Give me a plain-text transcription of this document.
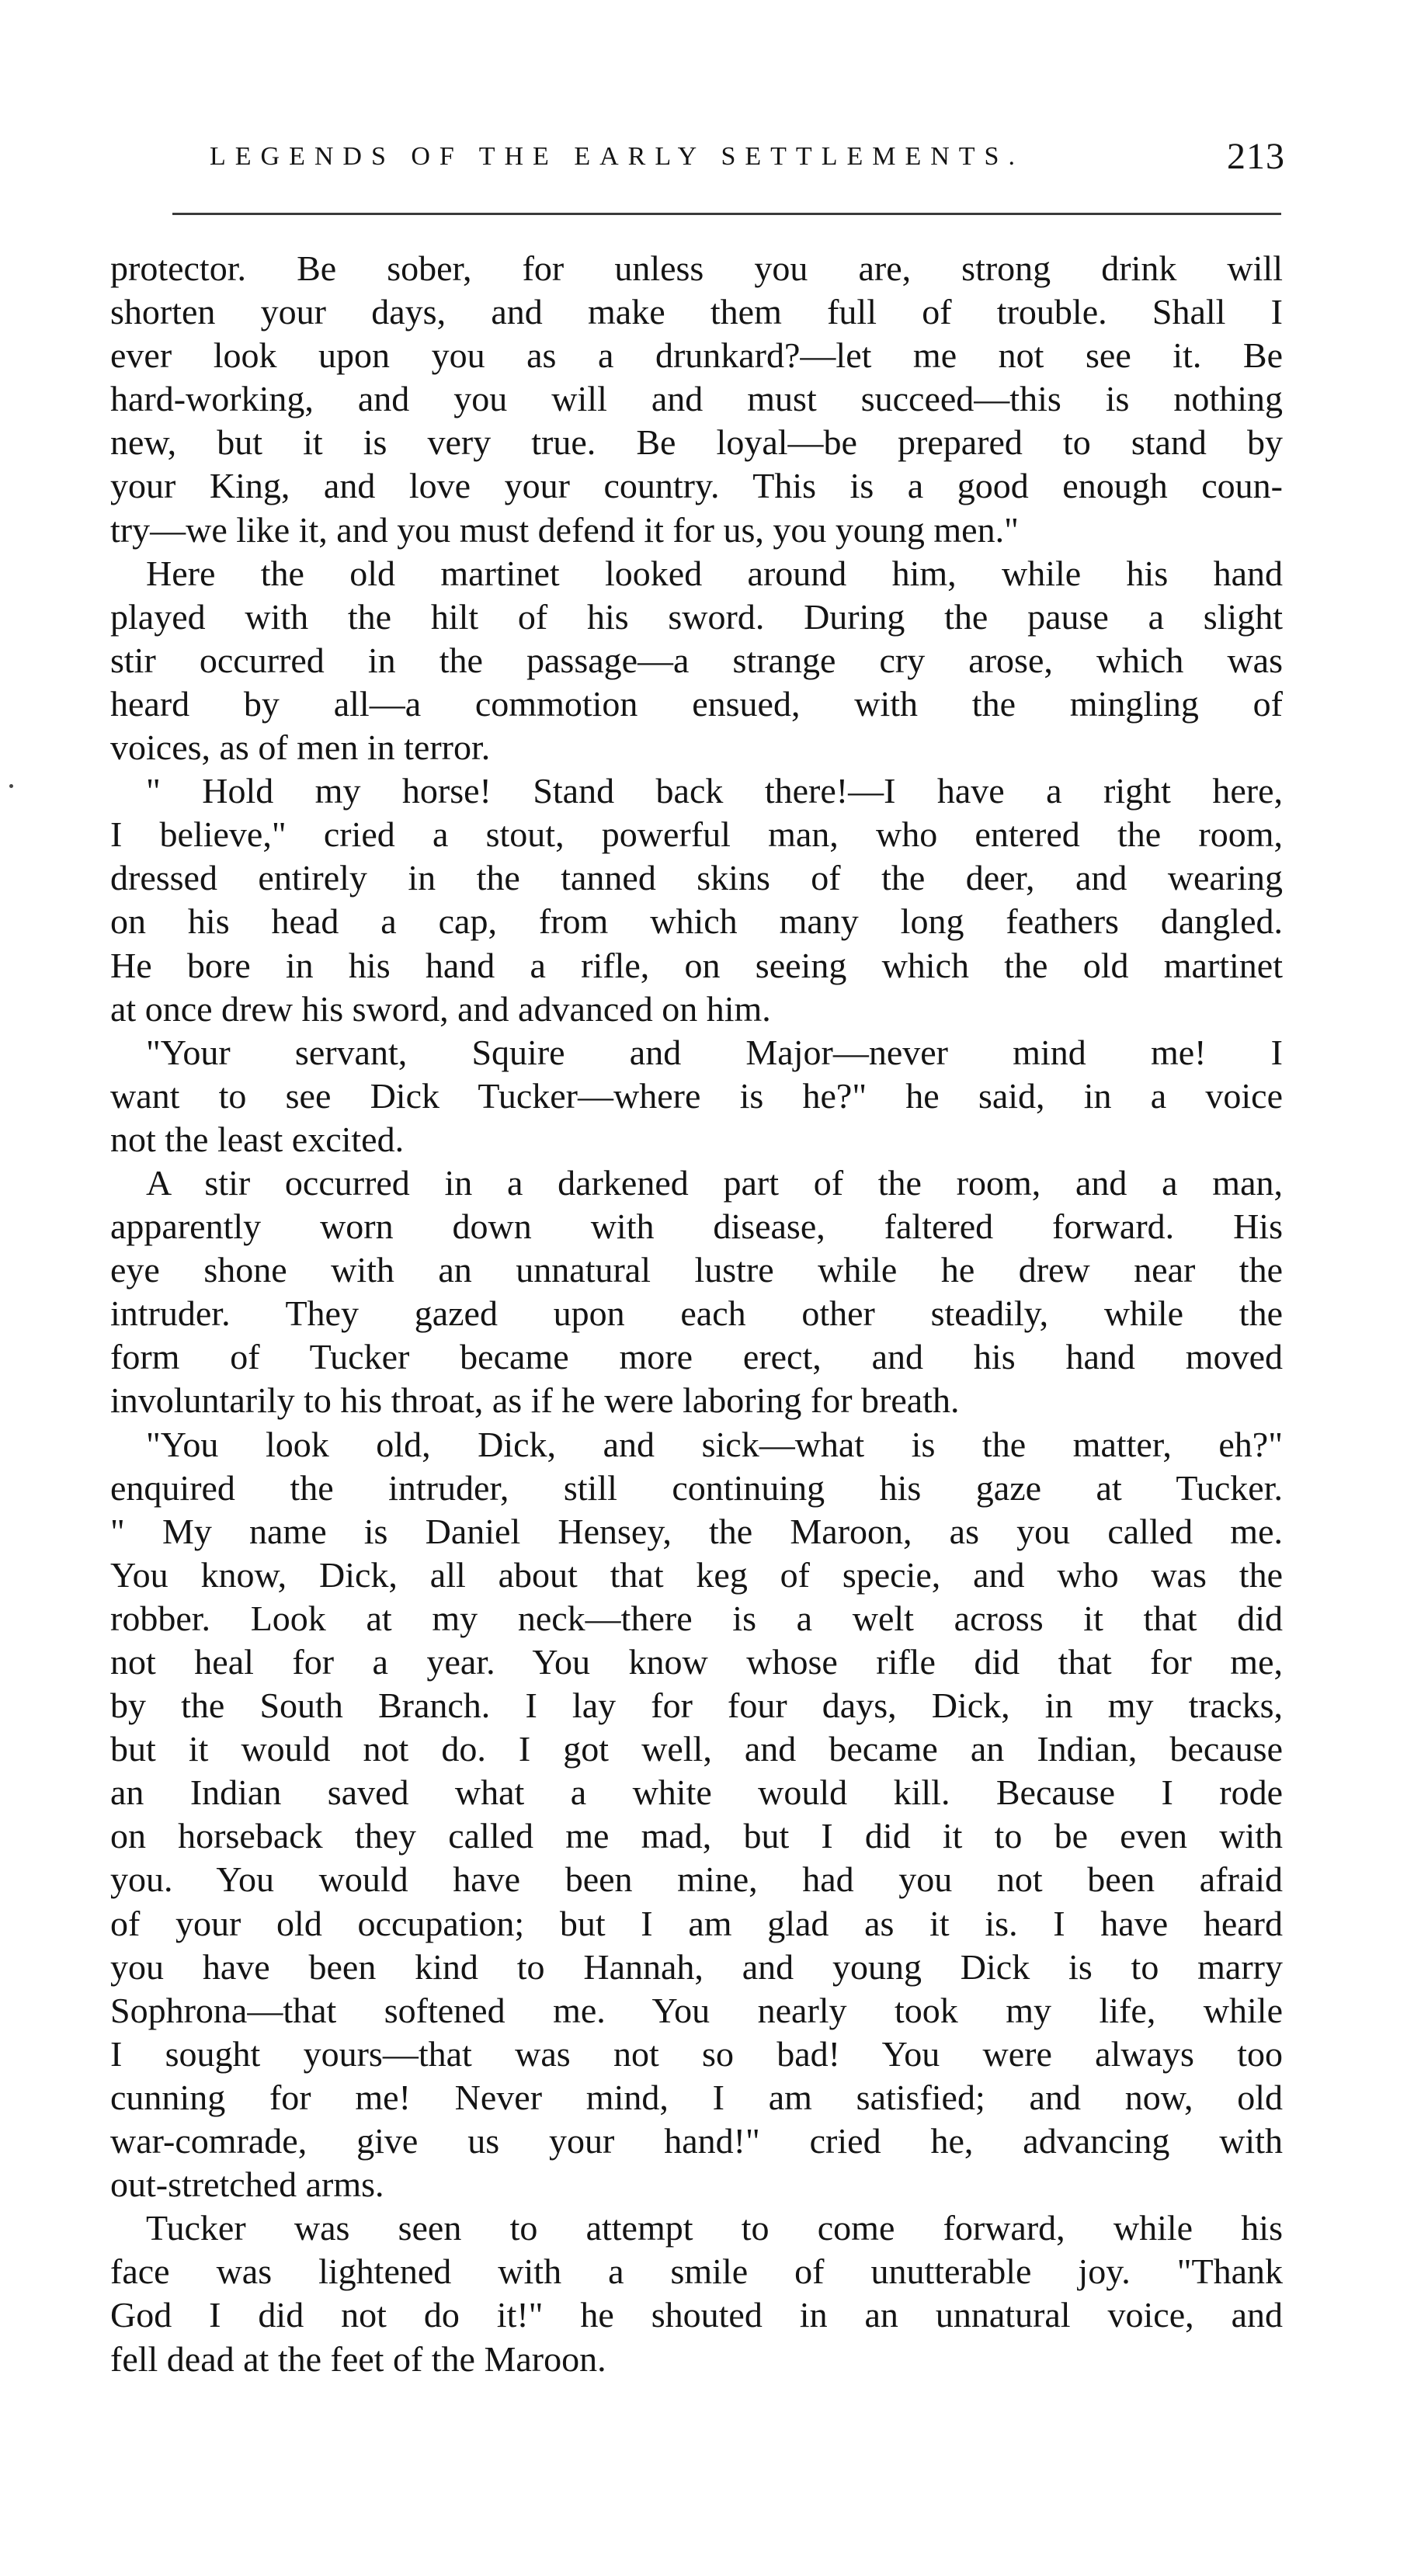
LEGENDS OF THE EARLY SETTLEMENTS.	213
protector. Be sober, for unless you are, strong drink will
shorten your days, and make them full of trouble. Shall I
ever look upon you as a drunkard?—let me not see it. Be
hard-working, and you will and must succeed—this is nothing
new, but it is very true. Be loyal—be prepared to stand by
your King, and love your country. This is a good enough coun-
try—we like it, and you must defend it for us, you young men."
Here the old martinet looked around him, while his hand
played with the hilt of his sword. During the pause a slight
stir occurred in the passage—a strange cry arose, which was
heard by all—a commotion ensued, with the mingling of
voices, as of men in terror.
" Hold my horse! Stand back there!—I have a right here,
I believe," cried a stout, powerful man, who entered the room,
dressed entirely in the tanned skins of the deer, and wearing
on his head a cap, from which many long feathers dangled.
He bore in his hand a rifle, on seeing which the old martinet
at once drew his sword, and advanced on him.
"Your servant, Squire and Major—never mind me! I
want to see Dick Tucker—where is he?" he said, in a voice
not the least excited.
A stir occurred in a darkened part of the room, and a man,
apparently worn down with disease, faltered forward. His
eye shone with an unnatural lustre while he drew near the
intruder. They gazed upon each other steadily, while the
form of Tucker became more erect, and his hand moved
involuntarily to his throat, as if he were laboring for breath.
"You look old, Dick, and sick—what is the matter, eh?"
enquired the intruder, still continuing his gaze at Tucker.
" My name is Daniel Hensey, the Maroon, as you called me.
You know, Dick, all about that keg of specie, and who was the
robber. Look at my neck—there is a welt across it that did
not heal for a year. You know whose rifle did that for me,
by the South Branch. I lay for four days, Dick, in my tracks,
but it would not do. I got well, and became an Indian, because
an Indian saved what a white would kill. Because I rode
on horseback they called me mad, but I did it to be even with
you. You would have been mine, had you not been afraid
of your old occupation; but I am glad as it is. I have heard
you have been kind to Hannah, and young Dick is to marry
Sophrona—that softened me. You nearly took my life, while
I sought yours—that was not so bad! You were always too
cunning for me! Never mind, I am satisfied; and now, old
war-comrade, give us your hand!" cried he, advancing with
out-stretched arms.
Tucker was seen to attempt to come forward, while his
face was lightened with a smile of unutterable joy. "Thank
God I did not do it!" he shouted in an unnatural voice, and
fell dead at the feet of the Maroon.
